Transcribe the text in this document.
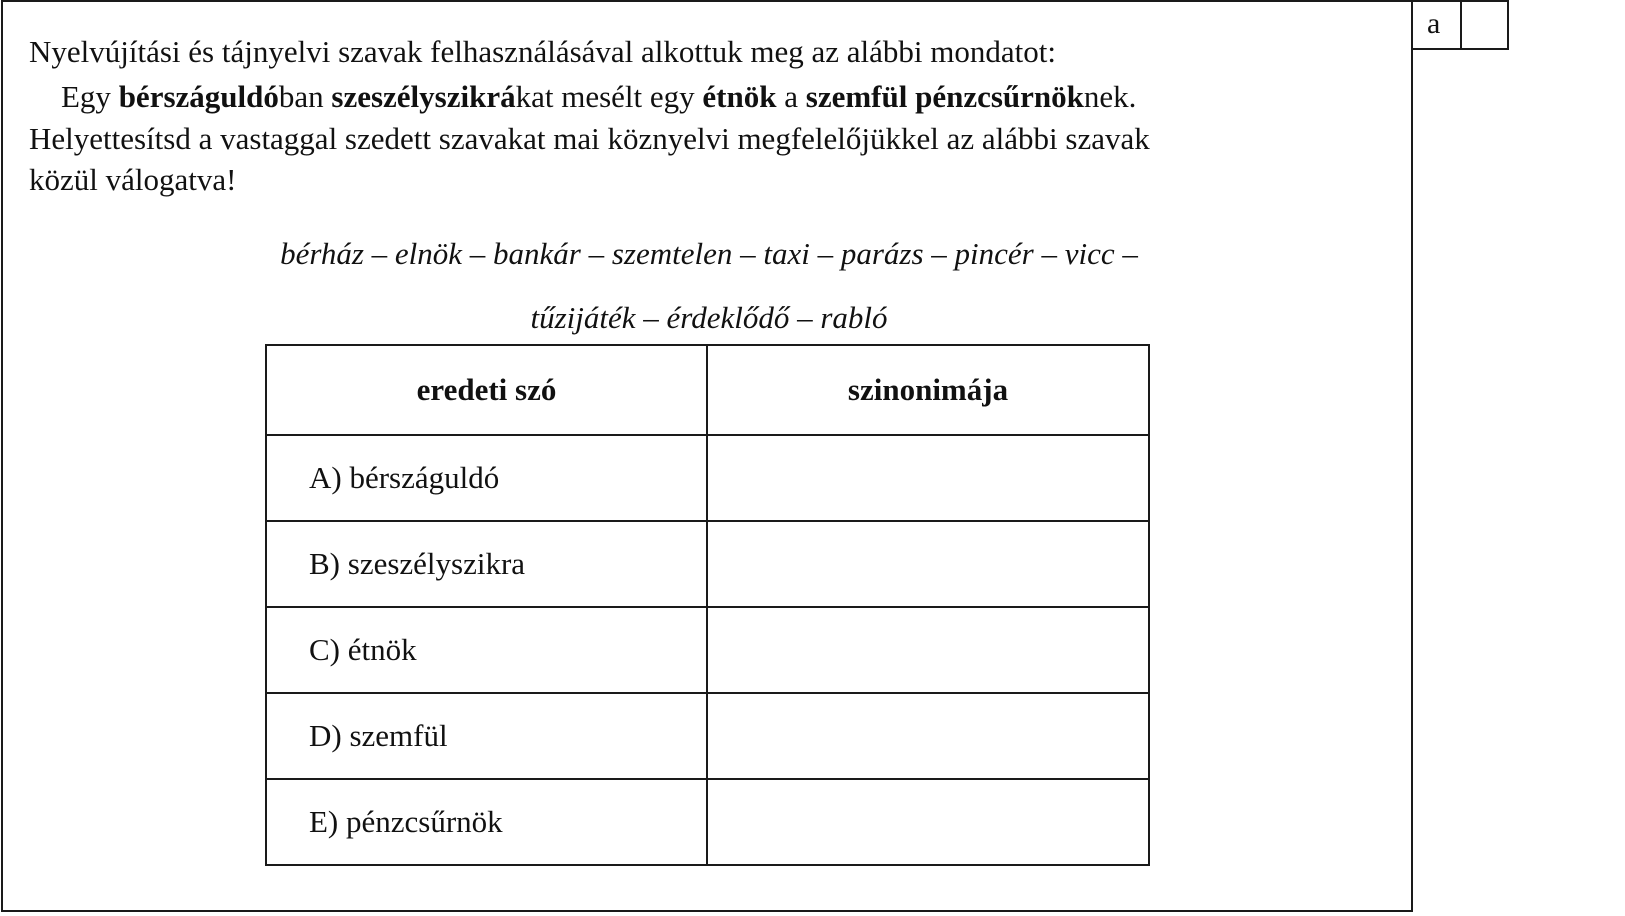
Nyelvújítási és tájnyelvi szavak felhasználásával alkottuk meg az alábbi mondatot:
Egy bérszáguldóban szeszélyszikrákat mesélt egy étnök a szemfül pénzcsűrnöknek.
Helyettesítsd a vastaggal szedett szavakat mai köznyelvi megfelelőjükkel az alábbi szavak
közül válogatva!
bérház – elnök – bankár – szemtelen – taxi – parázs – pincér – vicc –
tűzijáték – érdeklődő – rabló
eredeti szó	szinonimája
A) bérszáguldó	
B) szeszélyszikra	
C) étnök	
D) szemfül	
E) pénzcsűrnök	
a
